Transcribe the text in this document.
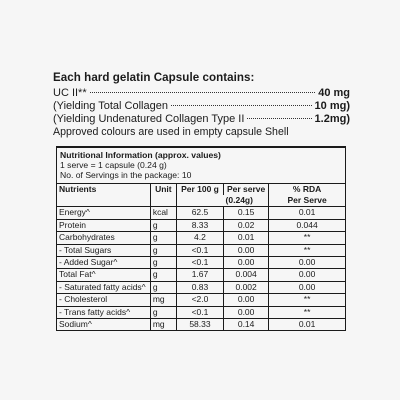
Each hard gelatin Capsule contains:
UC II**	40 mg
(Yielding Total Collagen	10 mg)
(Yielding Undenatured Collagen Type II	1.2mg)
Approved colours are used in empty capsule Shell
Nutritional Information (approx. values)
1 serve = 1 capsule (0.24 g)
No. of Servings in the package: 10
Nutrients	Unit	Per 100 g	Per serve	% RDA
			(0.24g)	Per Serve
Energy^	kcal	62.5	0.15	0.01
Protein	g	8.33	0.02	0.044
Carbohydrates	g	4.2	0.01	**
- Total Sugars	g	<0.1	0.00	**
- Added Sugar^	g	<0.1	0.00	0.00
Total Fat^	g	1.67	0.004	0.00
- Saturated fatty acids^	g	0.83	0.002	0.00
- Cholesterol	mg	<2.0	0.00	**
- Trans fatty acids^	g	<0.1	0.00	**
Sodium^	mg	58.33	0.14	0.01
